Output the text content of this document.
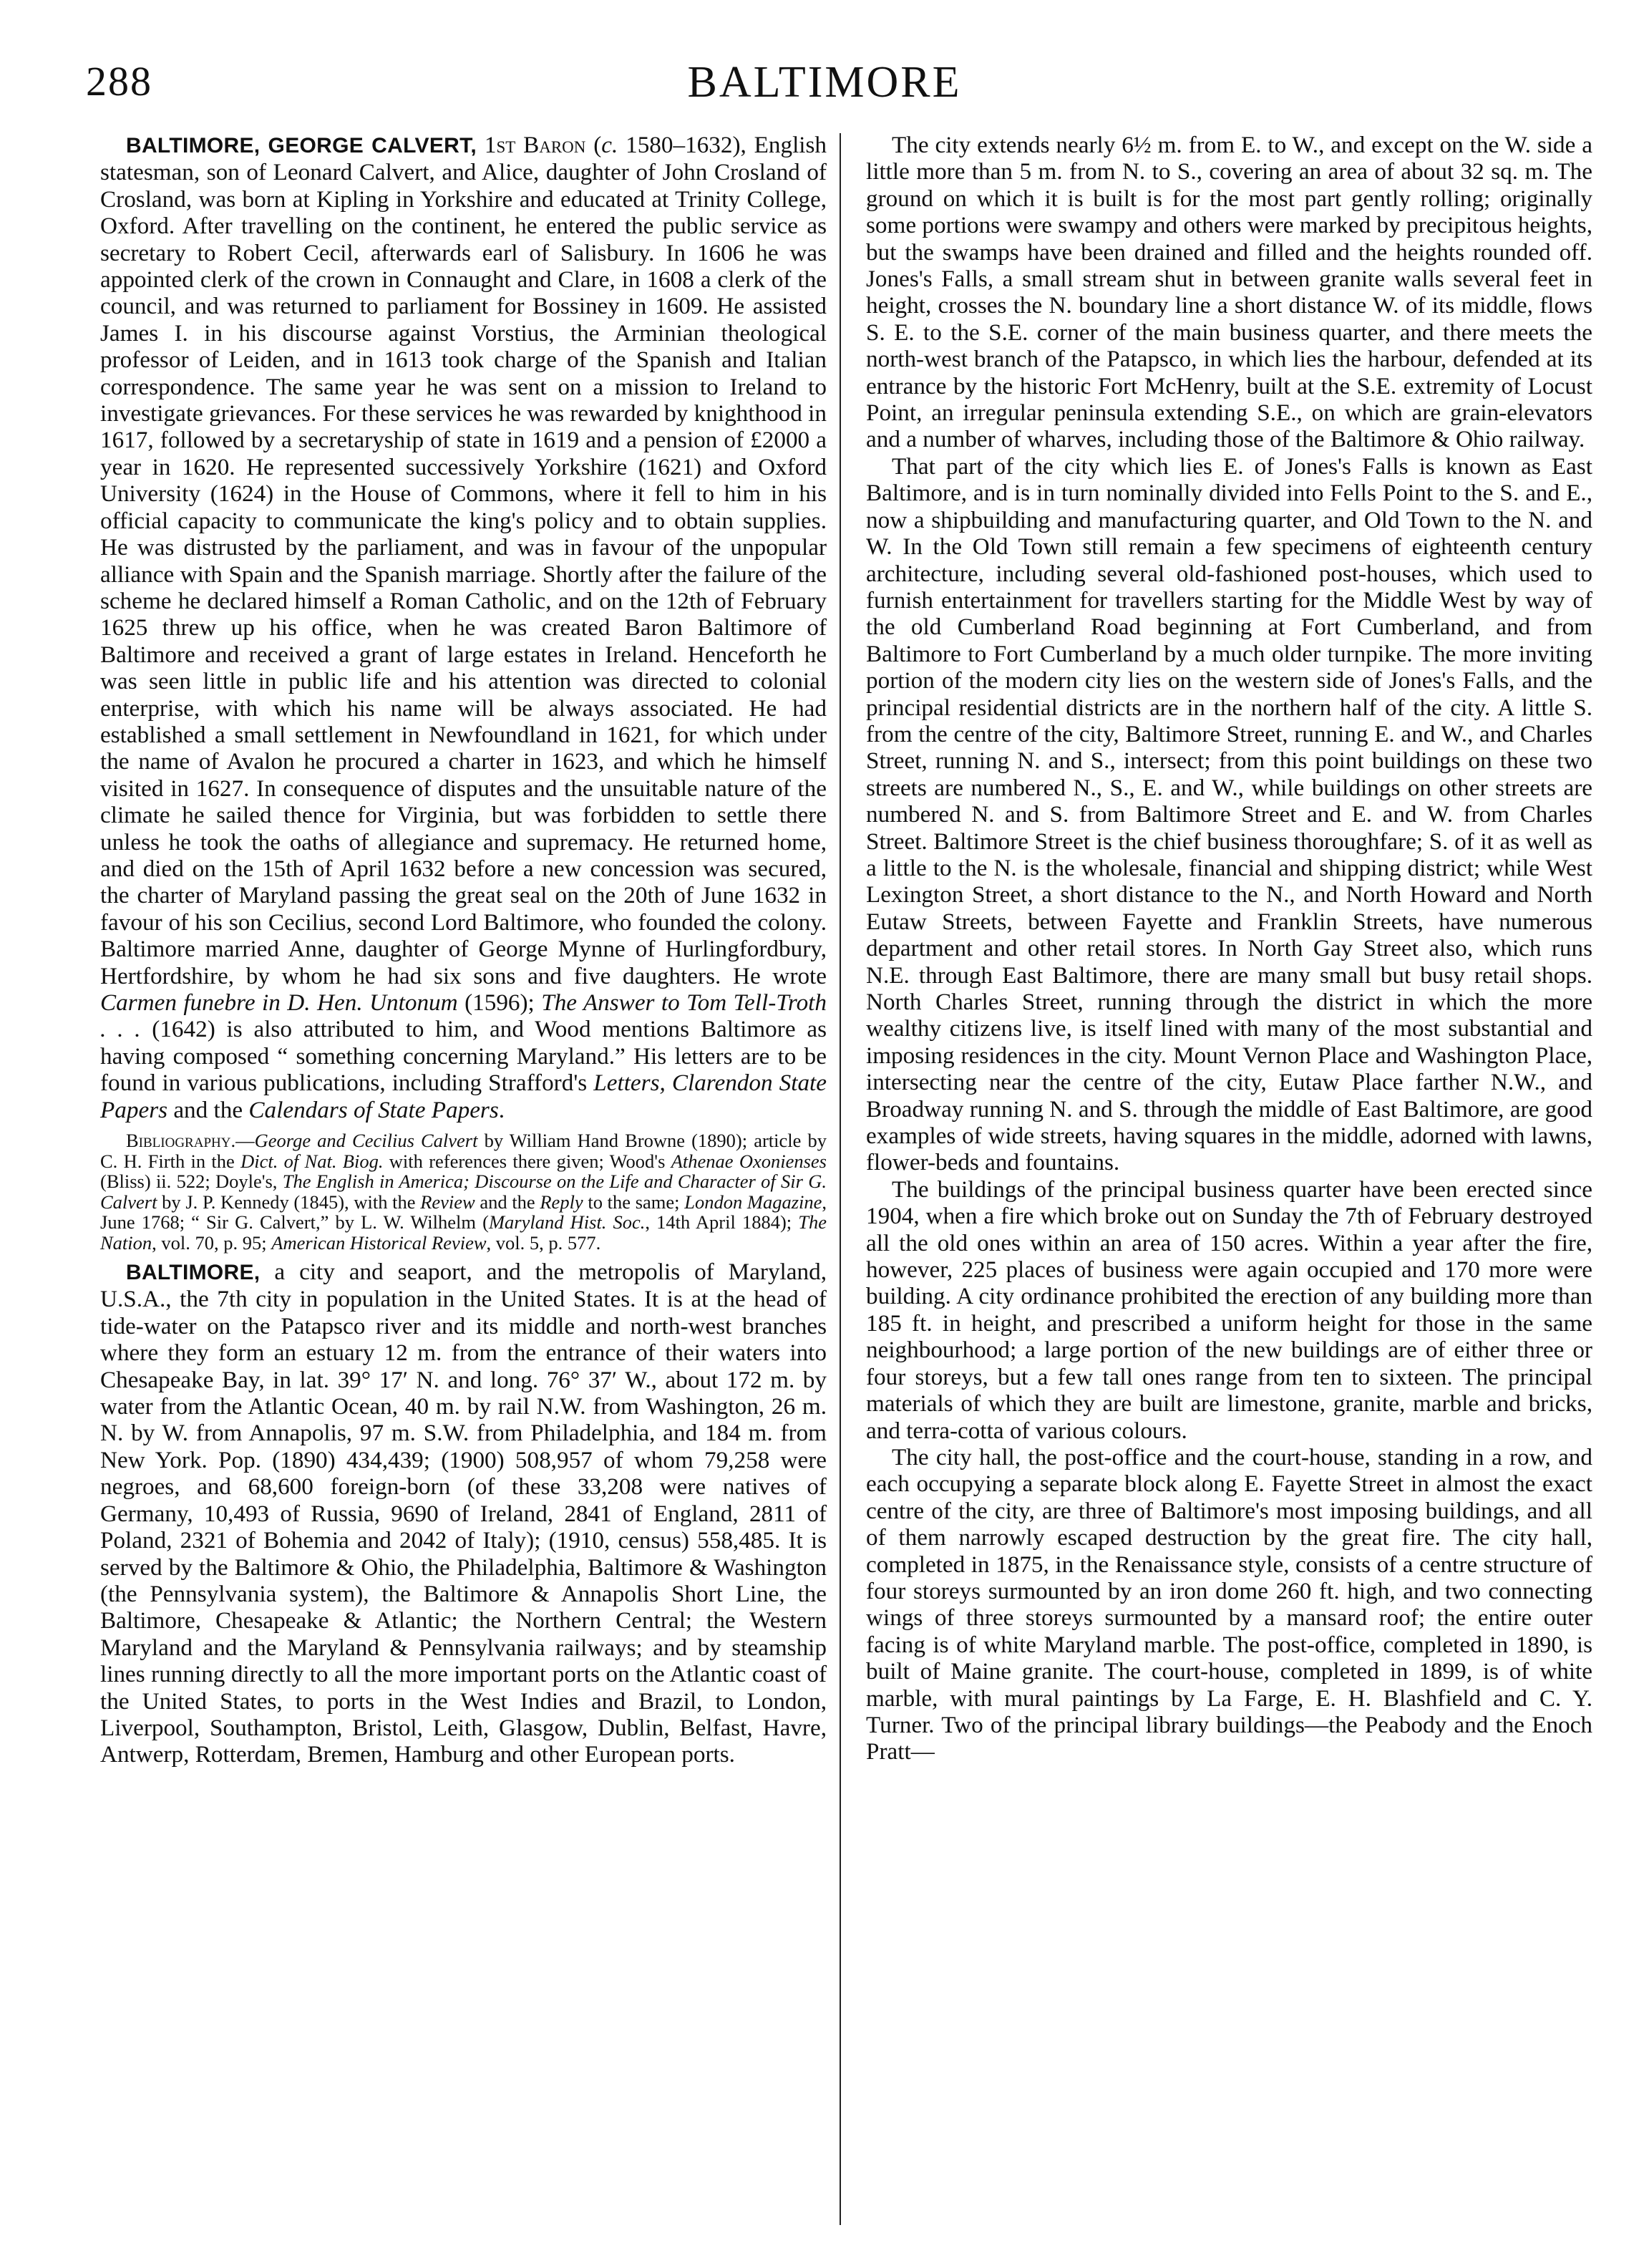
288	BALTIMORE

BALTIMORE, GEORGE CALVERT, 1st Baron (c. 1580–1632), English statesman, son of Leonard Calvert, and Alice, daughter of John Crosland of Crosland, was born at Kipling in Yorkshire and educated at Trinity College, Oxford. After travelling on the continent, he entered the public service as secretary to Robert Cecil, afterwards earl of Salisbury. In 1606 he was appointed clerk of the crown in Connaught and Clare, in 1608 a clerk of the council, and was returned to parliament for Bossiney in 1609. He assisted James I. in his discourse against Vorstius, the Arminian theological professor of Leiden, and in 1613 took charge of the Spanish and Italian correspondence. The same year he was sent on a mission to Ireland to investigate grievances. For these services he was rewarded by knighthood in 1617, followed by a secretaryship of state in 1619 and a pension of £2000 a year in 1620. He represented successively Yorkshire (1621) and Oxford University (1624) in the House of Commons, where it fell to him in his official capacity to communicate the king's policy and to obtain supplies. He was distrusted by the parliament, and was in favour of the unpopular alliance with Spain and the Spanish marriage. Shortly after the failure of the scheme he declared himself a Roman Catholic, and on the 12th of February 1625 threw up his office, when he was created Baron Baltimore of Baltimore and received a grant of large estates in Ireland. Henceforth he was seen little in public life and his attention was directed to colonial enterprise, with which his name will be always associated. He had established a small settlement in Newfoundland in 1621, for which under the name of Avalon he procured a charter in 1623, and which he himself visited in 1627. In consequence of disputes and the unsuitable nature of the climate he sailed thence for Virginia, but was forbidden to settle there unless he took the oaths of allegiance and supremacy. He returned home, and died on the 15th of April 1632 before a new concession was secured, the charter of Maryland passing the great seal on the 20th of June 1632 in favour of his son Cecilius, second Lord Baltimore, who founded the colony. Baltimore married Anne, daughter of George Mynne of Hurlingfordbury, Hertfordshire, by whom he had six sons and five daughters. He wrote Carmen funebre in D. Hen. Untonum (1596); The Answer to Tom Tell-Troth . . . (1642) is also attributed to him, and Wood mentions Baltimore as having composed “ something concerning Maryland.” His letters are to be found in various publications, including Strafford's Letters, Clarendon State Papers and the Calendars of State Papers.

Bibliography.—George and Cecilius Calvert by William Hand Browne (1890); article by C. H. Firth in the Dict. of Nat. Biog. with references there given; Wood's Athenae Oxonienses (Bliss) ii. 522; Doyle's, The English in America; Discourse on the Life and Character of Sir G. Calvert by J. P. Kennedy (1845), with the Review and the Reply to the same; London Magazine, June 1768; “ Sir G. Calvert,” by L. W. Wilhelm (Maryland Hist. Soc., 14th April 1884); The Nation, vol. 70, p. 95; American Historical Review, vol. 5, p. 577.

BALTIMORE, a city and seaport, and the metropolis of Maryland, U.S.A., the 7th city in population in the United States. It is at the head of tide-water on the Patapsco river and its middle and north-west branches where they form an estuary 12 m. from the entrance of their waters into Chesapeake Bay, in lat. 39° 17′ N. and long. 76° 37′ W., about 172 m. by water from the Atlantic Ocean, 40 m. by rail N.W. from Washington, 26 m. N. by W. from Annapolis, 97 m. S.W. from Philadelphia, and 184 m. from New York. Pop. (1890) 434,439; (1900) 508,957 of whom 79,258 were negroes, and 68,600 foreign-born (of these 33,208 were natives of Germany, 10,493 of Russia, 9690 of Ireland, 2841 of England, 2811 of Poland, 2321 of Bohemia and 2042 of Italy); (1910, census) 558,485. It is served by the Baltimore & Ohio, the Philadelphia, Baltimore & Washington (the Pennsylvania system), the Baltimore & Annapolis Short Line, the Baltimore, Chesapeake & Atlantic; the Northern Central; the Western Maryland and the Maryland & Pennsylvania railways; and by steamship lines running directly to all the more important ports on the Atlantic coast of the United States, to ports in the West Indies and Brazil, to London, Liverpool, Southampton, Bristol, Leith, Glasgow, Dublin, Belfast, Havre, Antwerp, Rotterdam, Bremen, Hamburg and other European ports.

The city extends nearly 6½ m. from E. to W., and except on the W. side a little more than 5 m. from N. to S., covering an area of about 32 sq. m. The ground on which it is built is for the most part gently rolling; originally some portions were swampy and others were marked by precipitous heights, but the swamps have been drained and filled and the heights rounded off. Jones's Falls, a small stream shut in between granite walls several feet in height, crosses the N. boundary line a short distance W. of its middle, flows S. E. to the S.E. corner of the main business quarter, and there meets the north-west branch of the Patapsco, in which lies the harbour, defended at its entrance by the historic Fort McHenry, built at the S.E. extremity of Locust Point, an irregular peninsula extending S.E., on which are grain-elevators and a number of wharves, including those of the Baltimore & Ohio railway.

That part of the city which lies E. of Jones's Falls is known as East Baltimore, and is in turn nominally divided into Fells Point to the S. and E., now a shipbuilding and manufacturing quarter, and Old Town to the N. and W. In the Old Town still remain a few specimens of eighteenth century architecture, including several old-fashioned post-houses, which used to furnish entertainment for travellers starting for the Middle West by way of the old Cumberland Road beginning at Fort Cumberland, and from Baltimore to Fort Cumberland by a much older turnpike. The more inviting portion of the modern city lies on the western side of Jones's Falls, and the principal residential districts are in the northern half of the city. A little S. from the centre of the city, Baltimore Street, running E. and W., and Charles Street, running N. and S., intersect; from this point buildings on these two streets are numbered N., S., E. and W., while buildings on other streets are numbered N. and S. from Baltimore Street and E. and W. from Charles Street. Baltimore Street is the chief business thoroughfare; S. of it as well as a little to the N. is the wholesale, financial and shipping district; while West Lexington Street, a short distance to the N., and North Howard and North Eutaw Streets, between Fayette and Franklin Streets, have numerous department and other retail stores. In North Gay Street also, which runs N.E. through East Baltimore, there are many small but busy retail shops. North Charles Street, running through the district in which the more wealthy citizens live, is itself lined with many of the most substantial and imposing residences in the city. Mount Vernon Place and Washington Place, intersecting near the centre of the city, Eutaw Place farther N.W., and Broadway running N. and S. through the middle of East Baltimore, are good examples of wide streets, having squares in the middle, adorned with lawns, flower-beds and fountains.

The buildings of the principal business quarter have been erected since 1904, when a fire which broke out on Sunday the 7th of February destroyed all the old ones within an area of 150 acres. Within a year after the fire, however, 225 places of business were again occupied and 170 more were building. A city ordinance prohibited the erection of any building more than 185 ft. in height, and prescribed a uniform height for those in the same neighbourhood; a large portion of the new buildings are of either three or four storeys, but a few tall ones range from ten to sixteen. The principal materials of which they are built are limestone, granite, marble and bricks, and terra-cotta of various colours.

The city hall, the post-office and the court-house, standing in a row, and each occupying a separate block along E. Fayette Street in almost the exact centre of the city, are three of Baltimore's most imposing buildings, and all of them narrowly escaped destruction by the great fire. The city hall, completed in 1875, in the Renaissance style, consists of a centre structure of four storeys surmounted by an iron dome 260 ft. high, and two connecting wings of three storeys surmounted by a mansard roof; the entire outer facing is of white Maryland marble. The post-office, completed in 1890, is built of Maine granite. The court-house, completed in 1899, is of white marble, with mural paintings by La Farge, E. H. Blashfield and C. Y. Turner. Two of the principal library buildings—the Peabody and the Enoch Pratt—
